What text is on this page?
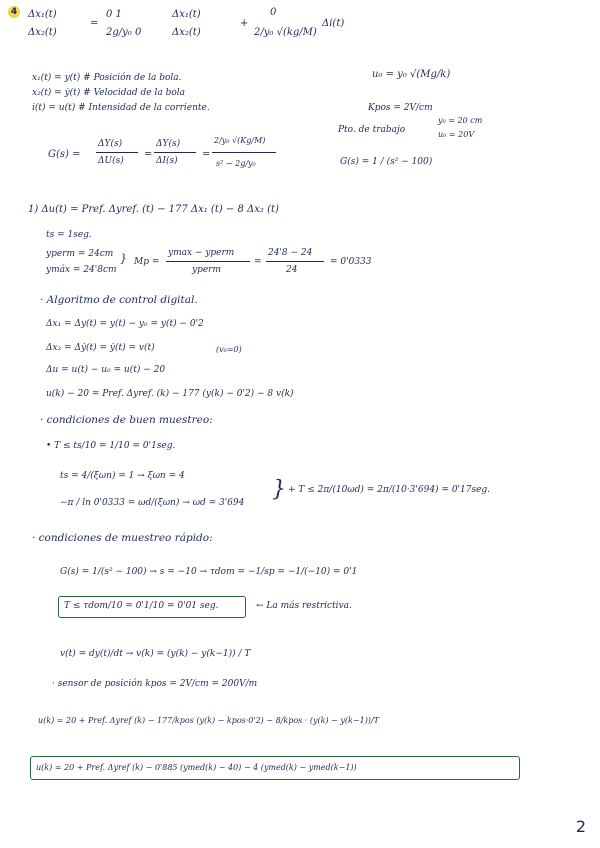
4 Δx₁(t)
Δx₂(t)
=
0 1
2g/y₀ 0
Δx₁(t)
Δx₂(t)
+
0
2/y₀ √(kg/M)
Δi(t)
x₁(t) = y(t) # Posición de la bola.
x₂(t) = ẏ(t) # Velocidad de la bola
i(t) = u(t) # Intensidad de la corriente.
u₀ = y₀ √(Mg/k)
Kpos = 2V/cm
Pto. de trabajo
y₀ = 20 cm
u₀ = 20V
G(s) = 1 / (s² − 100)
G(s) =
ΔY(s)
ΔU(s)
=
ΔY(s)
ΔI(s)
=
2/y₀ √(Kg/M)
s² − 2g/y₀
1) Δu(t) = Pref. Δyref. (t) − 177 Δx₁ (t) − 8 Δx₂ (t)
ts = 1seg.
yperm = 24cm
ymáx = 24'8cm
} Mp =
ymax − yperm
yperm
=
24'8 − 24
24
= 0'0333
· Algoritmo de control digital.
Δx₁ = Δy(t) = y(t) − y₀ = y(t) − 0'2
Δx₂ = Δẏ(t) = ẏ(t) = v(t)	(v₀=0)
Δu = u(t) − u₀ = u(t) − 20
u(k) − 20 = Pref. Δyref. (k) − 177 (y(k) − 0'2) − 8 v(k)
· condiciones de buen muestreo:
• T ≤ ts/10 = 1/10 = 0'1seg.
ts = 4/(ξωn) = 1 → ξωn = 4
−π / ln 0'0333 = ωd/(ξωn) → ωd = 3'694
} + T ≤ 2π/(10ωd) = 2π/(10·3'694) = 0'17seg.
· condiciones de muestreo rápido:
G(s) = 1/(s² − 100) → s = −10 → τdom = −1/sp = −1/(−10) = 0'1
T ≤ τdom/10 = 0'1/10 = 0'01 seg.	← La más restrictiva.
v(t) = dy(t)/dt → v(k) = (y(k) − y(k−1)) / T
· sensor de posición kpos = 2V/cm = 200V/m
u(k) = 20 + Pref. Δyref (k) − 177/kpos (y(k) − kpos·0'2) − 8/kpos · (y(k) − y(k−1))/T
u(k) = 20 + Pref. Δyref (k) − 0'885 (ymed(k) − 40) − 4 (ymed(k) − ymed(k−1))
2
